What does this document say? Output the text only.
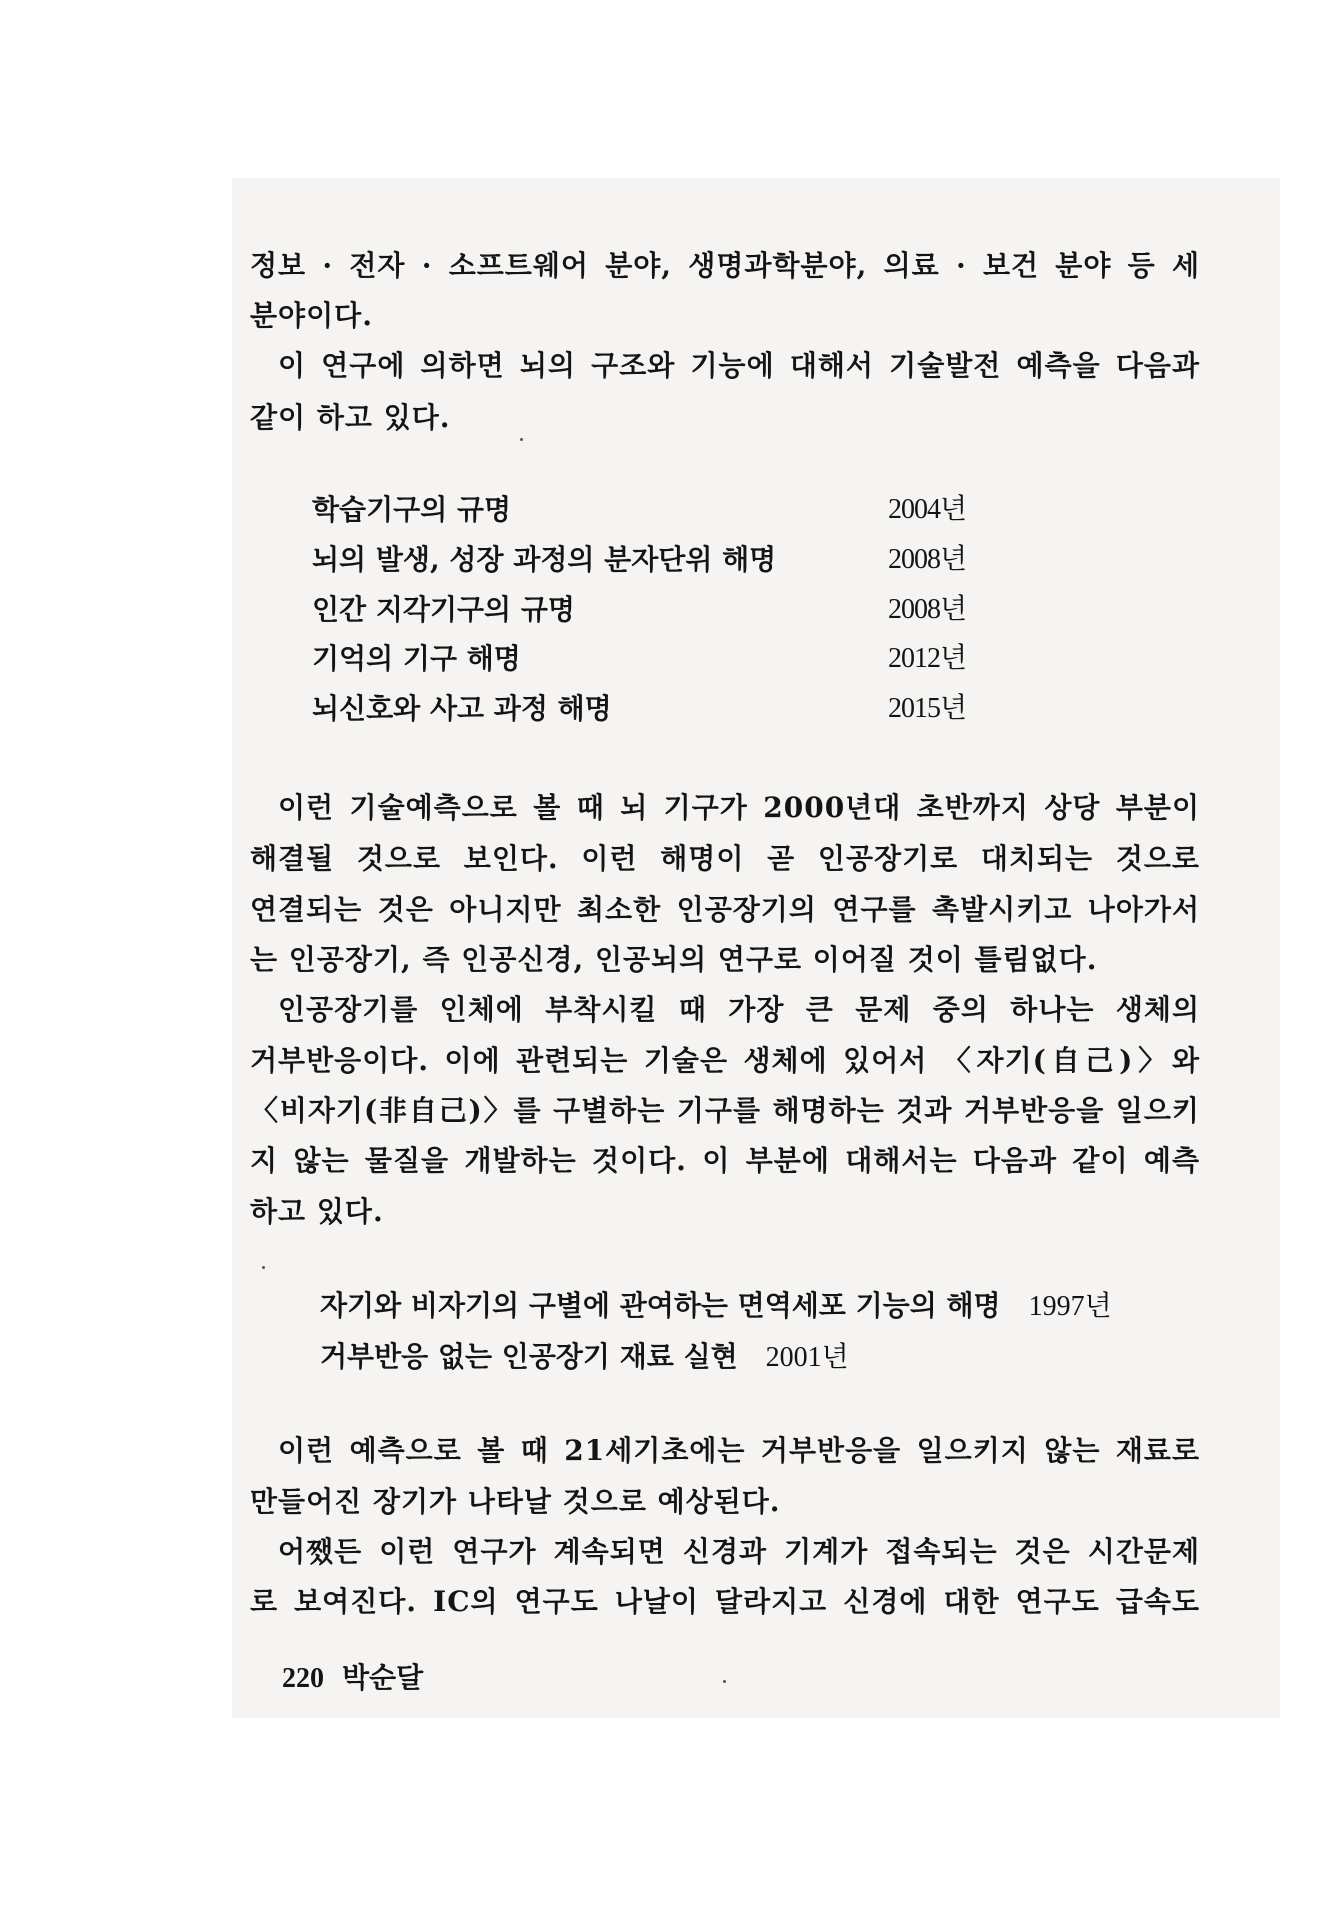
정보 · 전자 · 소프트웨어 분야, 생명과학분야, 의료 · 보건 분야 등 세
분야이다.
이 연구에 의하면 뇌의 구조와 기능에 대해서 기술발전 예측을 다음과
같이 하고 있다.
학습기구의 규명	2004년
뇌의 발생, 성장 과정의 분자단위 해명	2008년
인간 지각기구의 규명	2008년
기억의 기구 해명	2012년
뇌신호와 사고 과정 해명	2015년
이런 기술예측으로 볼 때 뇌 기구가 2000년대 초반까지 상당 부분이
해결될 것으로 보인다. 이런 해명이 곧 인공장기로 대치되는 것으로
연결되는 것은 아니지만 최소한 인공장기의 연구를 촉발시키고 나아가서
는 인공장기, 즉 인공신경, 인공뇌의 연구로 이어질 것이 틀림없다.
인공장기를 인체에 부착시킬 때 가장 큰 문제 중의 하나는 생체의
거부반응이다. 이에 관련되는 기술은 생체에 있어서 〈자기(自己)〉와
〈비자기(非自己)〉를 구별하는 기구를 해명하는 것과 거부반응을 일으키
지 않는 물질을 개발하는 것이다. 이 부분에 대해서는 다음과 같이 예측
하고 있다.
자기와 비자기의 구별에 관여하는 면역세포 기능의 해명 1997년
거부반응 없는 인공장기 재료 실현 2001년
이런 예측으로 볼 때 21세기초에는 거부반응을 일으키지 않는 재료로
만들어진 장기가 나타날 것으로 예상된다.
어쨌든 이런 연구가 계속되면 신경과 기계가 접속되는 것은 시간문제
로 보여진다. IC의 연구도 나날이 달라지고 신경에 대한 연구도 급속도
220 박순달
